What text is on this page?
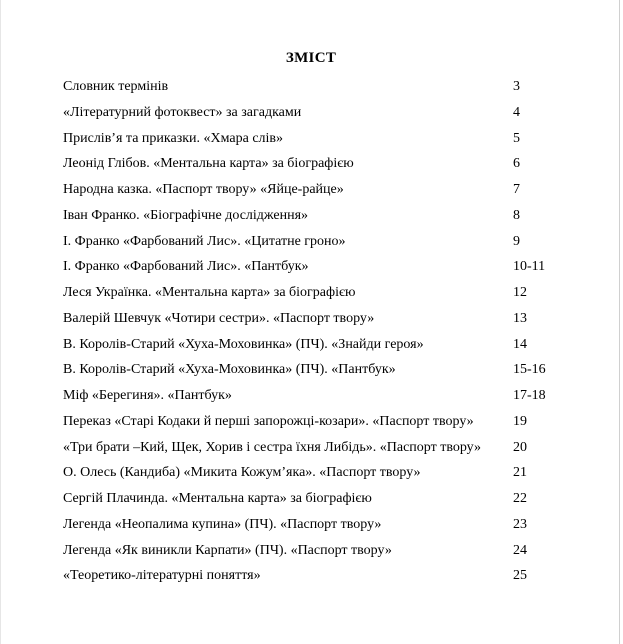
ЗМІСТ
Словник термінів	3
«Літературний фотоквест» за загадками	4
Прислів’я та приказки. «Хмара слів»	5
Леонід Глібов. «Ментальна карта» за біографією	6
Народна казка. «Паспорт твору» «Яйце-райце»	7
Іван Франко. «Біографічне дослідження»	8
І. Франко «Фарбований Лис». «Цитатне гроно»	9
І. Франко «Фарбований Лис». «Пантбук»	10-11
Леся Українка. «Ментальна карта» за біографією	12
Валерій Шевчук «Чотири сестри». «Паспорт твору»	13
В. Королів-Старий «Хуха-Моховинка» (ПЧ). «Знайди героя»	14
В. Королів-Старий «Хуха-Моховинка» (ПЧ). «Пантбук»	15-16
Міф «Берегиня». «Пантбук»	17-18
Переказ «Старі Кодаки й перші запорожці-козари». «Паспорт твору»	19
«Три брати –Кий, Щек, Хорив і сестра їхня Либідь». «Паспорт твору» 20
О. Олесь (Кандиба) «Микита Кожум’яка». «Паспорт твору»	21
Сергій Плачинда. «Ментальна карта» за біографією	22
Легенда «Неопалима купина» (ПЧ). «Паспорт твору»	23
Легенда «Як виникли Карпати» (ПЧ). «Паспорт твору»	24
«Теоретико-літературні поняття»	25
